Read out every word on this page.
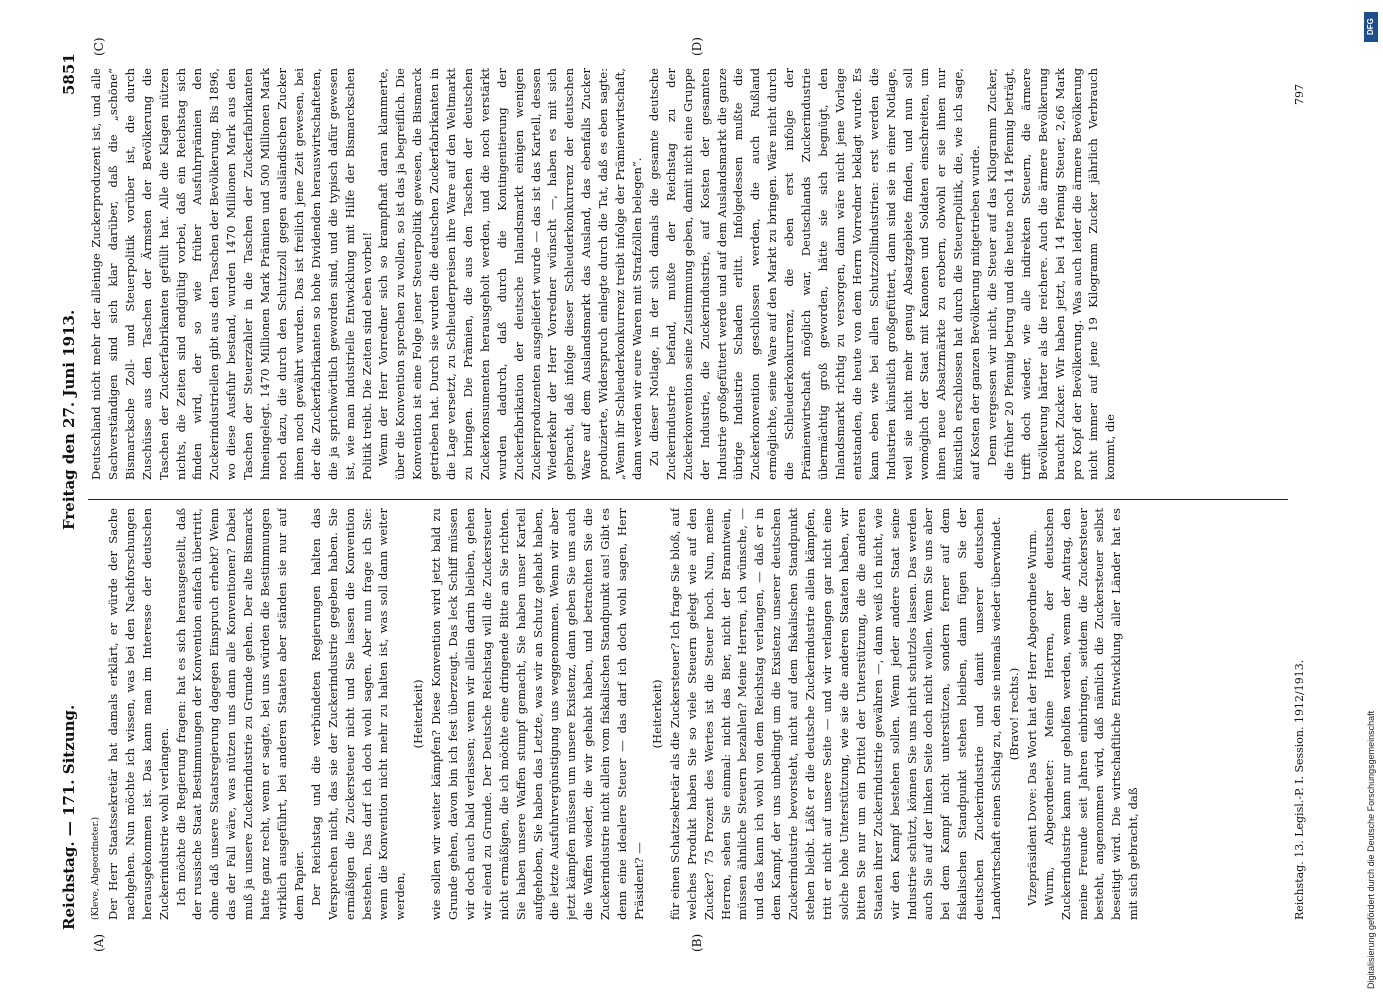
Reichstag. — 171. Sitzung.
Freitag den 27. Juni 1913.
5851
(A)	(B)
(C)	(D)

(Kleve, Abgeordneter.) Der Herr Staatssekretär hat damals erklärt, er würde der Sache nachgehen. Nun möchte ich wissen, was bei den Nachforschungen herausgekommen ist. Das kann man im Interesse der deutschen Zuckerindustrie wohl verlangen. Ich möchte die Regierung fragen: hat es sich herausgestellt, daß der russische Staat Bestimmungen der Konvention einfach übertritt, ohne daß unsere Staatsregierung dagegen Einspruch erhebt? Wenn das der Fall wäre, was nützen uns dann alle Konventionen? Dabei muß ja unsere Zuckerindustrie zu Grunde gehen. Der alte Bismarck hatte ganz recht, wenn er sagte, bei uns würden die Bestimmungen wirklich ausgeführt, bei anderen Staaten aber ständen sie nur auf dem Papier. Der Reichstag und die verbündeten Regierungen halten das Versprechen nicht, das sie der Zuckerindustrie gegeben haben. Sie ermäßigen die Zuckersteuer nicht und Sie lassen die Konvention bestehen. Das darf ich doch wohl sagen. Aber nun frage ich Sie: wenn die Konvention nicht mehr zu halten ist, was soll dann weiter werden,

(Heiterkeit) wie sollen wir weiter kämpfen? Diese Konvention wird jetzt bald zu Grunde gehen, davon bin ich fest überzeugt. Das leck Schiff müssen wir doch auch bald verlassen; wenn wir allein darin bleiben, gehen wir elend zu Grunde. Der Deutsche Reichstag will die Zuckersteuer nicht ermäßigen, die ich möchte eine dringende Bitte an Sie richten. Sie haben unsere Waffen stumpf gemacht, Sie haben unser Kartell aufgehoben, Sie haben das Letzte, was wir an Schutz gehabt haben, die letzte Ausfuhrvergünstigung uns weggenommen. Wenn wir aber jetzt kämpfen müssen um unsere Existenz, dann geben Sie uns auch die Waffen wieder, die wir gehabt haben, und betrachten Sie die Zuckerindustrie nicht allein vom fiskalischen Standpunkt aus! Gibt es denn eine idealere Steuer — das darf ich doch wohl sagen, Herr Präsident? —

(Heiterkeit) für einen Schatzsekretär als die Zuckersteuer? Ich frage Sie bloß, auf welches Produkt haben Sie so viele Steuern gelegt wie auf den Zucker? 75 Prozent des Wertes ist die Steuer hoch. Nun, meine Herren, sehen Sie einmal: nicht das Bier, nicht der Branntwein, müssen ähnliche Steuern bezahlen? Meine Herren, ich wünsche, — und das kann ich wohl von dem Reichstag verlangen, — daß er in dem Kampf, der uns unbedingt um die Existenz unserer deutschen Zuckerindustrie bevorsteht, nicht auf dem fiskalischen Standpunkt stehen bleibt. Läßt er die deutsche Zuckerindustrie allein kämpfen, tritt er nicht auf unsere Seite — und wir verlangen gar nicht eine solche hohe Unterstützung, wie sie die anderen Staaten haben, wir bitten Sie nur um ein Drittel der Unterstützung, die die anderen Staaten ihrer Zuckerindustrie gewähren —, dann weiß ich nicht, wie wir den Kampf bestehen sollen. Wenn jeder andere Staat seine Industrie schützt, können Sie uns nicht schutzlos lassen. Das werden auch Sie auf der linken Seite doch nicht wollen. Wenn Sie uns aber bei dem Kampf nicht unterstützen, sondern ferner auf dem fiskalischen Standpunkt stehen bleiben, dann fügen Sie der deutschen Zuckerindustrie und damit unserer deutschen Landwirtschaft einen Schlag zu, den sie niemals wieder überwindet. (Bravo! rechts.) Vizepräsident Dove: Das Wort hat der Herr Abgeordnete Wurm. Wurm, Abgeordneter: Meine Herren, der deutschen Zuckerindustrie kann nur geholfen werden, wenn der Antrag, den meine Freunde seit Jahren einbringen, seitdem die Zuckersteuer besteht, angenommen wird, daß nämlich die Zuckersteuer selbst beseitigt wird. Die wirtschaftliche Entwicklung aller Länder hat es mit sich gebracht, daß

Deutschland nicht mehr der alleinige Zuckerproduzent ist, und alle Sachverständigen sind sich klar darüber, daß die „schöne“ Bismarcksche Zoll- und Steuerpolitik vorüber ist, die durch Zuschüsse aus den Taschen der Ärmsten der Bevölkerung die Taschen der Zuckerfabrikanten gefüllt hat. Alle die Klagen nützen nichts, die Zeiten sind endgültig vorbei, daß ein Reichstag sich finden wird, der so wie früher Ausfuhrprämien den Zuckerindustriellen gibt aus den Taschen der Bevölkerung. Bis 1896, wo diese Ausfuhr bestand, wurden 1470 Millionen Mark aus den Taschen der Steuerzahler in die Taschen der Zuckerfabrikanten hineingelegt. 1470 Millionen Mark Prämien und 500 Millionen Mark noch dazu, die durch den Schutzzoll gegen ausländischen Zucker ihnen noch gewährt wurden. Das ist freilich jene Zeit gewesen, bei der die Zuckerfabrikanten so hohe Dividenden herauswirtschafteten, die ja sprichwörtlich geworden sind, und die typisch dafür gewesen ist, wie man industrielle Entwicklung mit Hilfe der Bismarckschen Politik treibt. Die Zeiten sind eben vorbei! Wenn der Herr Vorredner sich so krampfhaft daran klammerte, über die Konvention sprechen zu wollen, so ist das ja begreiflich. Die Konvention ist eine Folge jener Steuerpolitik gewesen, die Bismarck getrieben hat. Durch sie wurden die deutschen Zuckerfabrikanten in die Lage versetzt, zu Schleuderpreisen ihre Ware auf den Weltmarkt zu bringen. Die Prämien, die aus den Taschen der deutschen Zuckerkonsumenten herausgeholt werden, und die noch verstärkt wurden dadurch, daß durch die Kontingentierung der Zuckerfabrikation der deutsche Inlandsmarkt einigen wenigen Zuckerproduzenten ausgeliefert wurde — das ist das Kartell, dessen Wiederkehr der Herr Vorredner wünscht —, haben es mit sich gebracht, daß infolge dieser Schleuderkonkurrenz der deutschen Ware auf dem Auslandsmarkt das Ausland, das ebenfalls Zucker produzierte, Widerspruch einlegte durch die Tat, daß es eben sagte: „Wenn ihr Schleuderkonkurrenz treibt infolge der Prämienwirtschaft, dann werden wir eure Waren mit Strafzöllen belegen“. Zu dieser Notlage, in der sich damals die gesamte deutsche Zuckerindustrie befand, mußte der Reichstag zu der Zuckerkonvention seine Zustimmung geben, damit nicht eine Gruppe der Industrie, die Zuckerindustrie, auf Kosten der gesamten Industrie großgefüttert werde und auf dem Auslandsmarkt die ganze übrige Industrie Schaden erlitt. Infolgedessen mußte die Zuckerkonvention geschlossen werden, die auch Rußland ermöglichte, seine Ware auf den Markt zu bringen. Wäre nicht durch die Schleuderkonkurrenz, die eben erst infolge der Prämienwirtschaft möglich war, Deutschlands Zuckerindustrie übermächtig groß geworden, hätte sie sich begnügt, den Inlandsmarkt richtig zu versorgen, dann wäre nicht jene Vorlage entstanden, die heute von dem Herrn Vorredner beklagt wurde. Es kann eben wie bei allen Schutzzollindustrien: erst werden die Industrien künstlich großgefüttert, dann sind sie in einer Notlage, weil sie nicht mehr genug Absatzgebiete finden, und nun soll womöglich der Staat mit Kanonen und Soldaten einschreiten, um ihnen neue Absatzmärkte zu erobern, obwohl er sie ihnen nur künstlich erschlossen hat durch die Steuerpolitik, die, wie ich sage, auf Kosten der ganzen Bevölkerung mitgetrieben wurde. Denn vergessen wir nicht, die Steuer auf das Kilogramm Zucker, die früher 20 Pfennig betrug und die heute noch 14 Pfennig beträgt, trifft doch wieder, wie alle indirekten Steuern, die ärmere Bevölkerung härter als die reichere. Auch die ärmere Bevölkerung braucht Zucker. Wir haben jetzt, bei 14 Pfennig Steuer, 2,66 Mark pro Kopf der Bevölkerung. Was auch leider die ärmere Bevölkerung nicht immer auf jene 19 Kilogramm Zucker jährlich Verbrauch kommt, die

Reichstag. 13. Legisl.-P. I. Session. 1912/1913.
797
DFG
Digitalisierung gefördert durch die Deutsche Forschungsgemeinschaft
